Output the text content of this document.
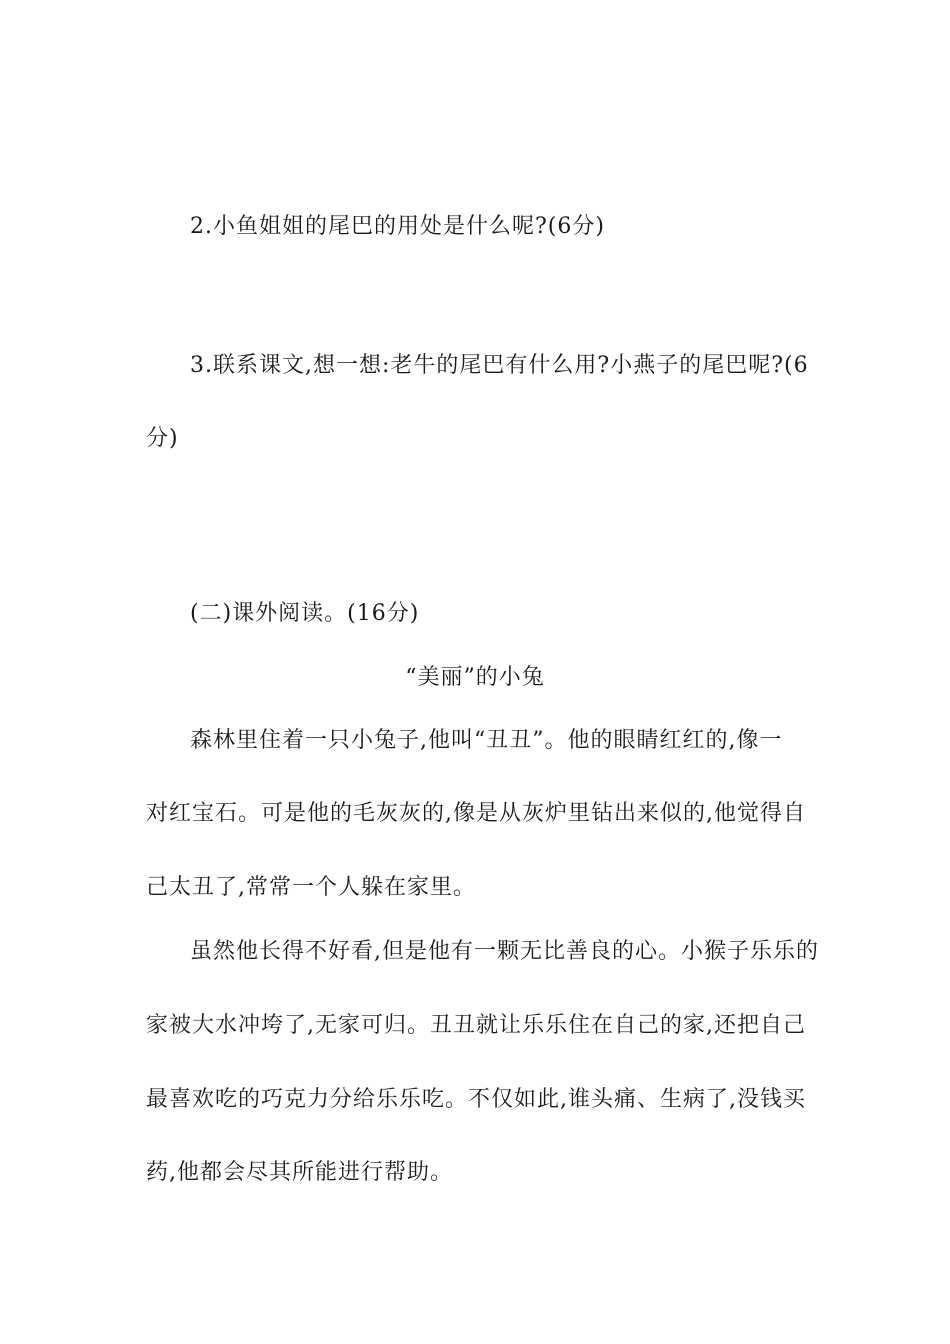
2.小鱼姐姐的尾巴的用处是什么呢?(6分)
3.联系课文,想一想:老牛的尾巴有什么用?小燕子的尾巴呢?(6
分)
(二)课外阅读。(16分)
“美丽”的小兔
森林里住着一只小兔子,他叫“丑丑”。他的眼睛红红的,像一
对红宝石。可是他的毛灰灰的,像是从灰炉里钻出来似的,他觉得自
己太丑了,常常一个人躲在家里。
虽然他长得不好看,但是他有一颗无比善良的心。小猴子乐乐的
家被大水冲垮了,无家可归。丑丑就让乐乐住在自己的家,还把自己
最喜欢吃的巧克力分给乐乐吃。不仅如此,谁头痛、生病了,没钱买
药,他都会尽其所能进行帮助。
